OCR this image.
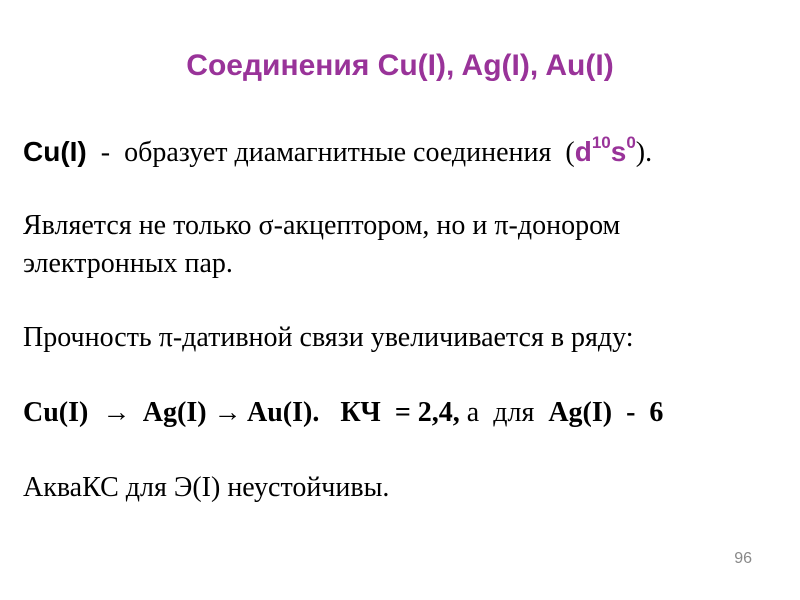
Соединения Cu(I), Ag(I), Au(I)
Cu(I)  -  образует диамагнитные соединения  $(d^{10}s^0)$.
Является не только σ-акцептором, но и π-донором
электронных пар.
Прочность π-дативной связи увеличивается в ряду:
Cu(I)  →  Ag(I) → Au(I).   КЧ  = 2,4, а  для  Ag(I)  -  6
АкваКС для Э(I) неустойчивы.
96
